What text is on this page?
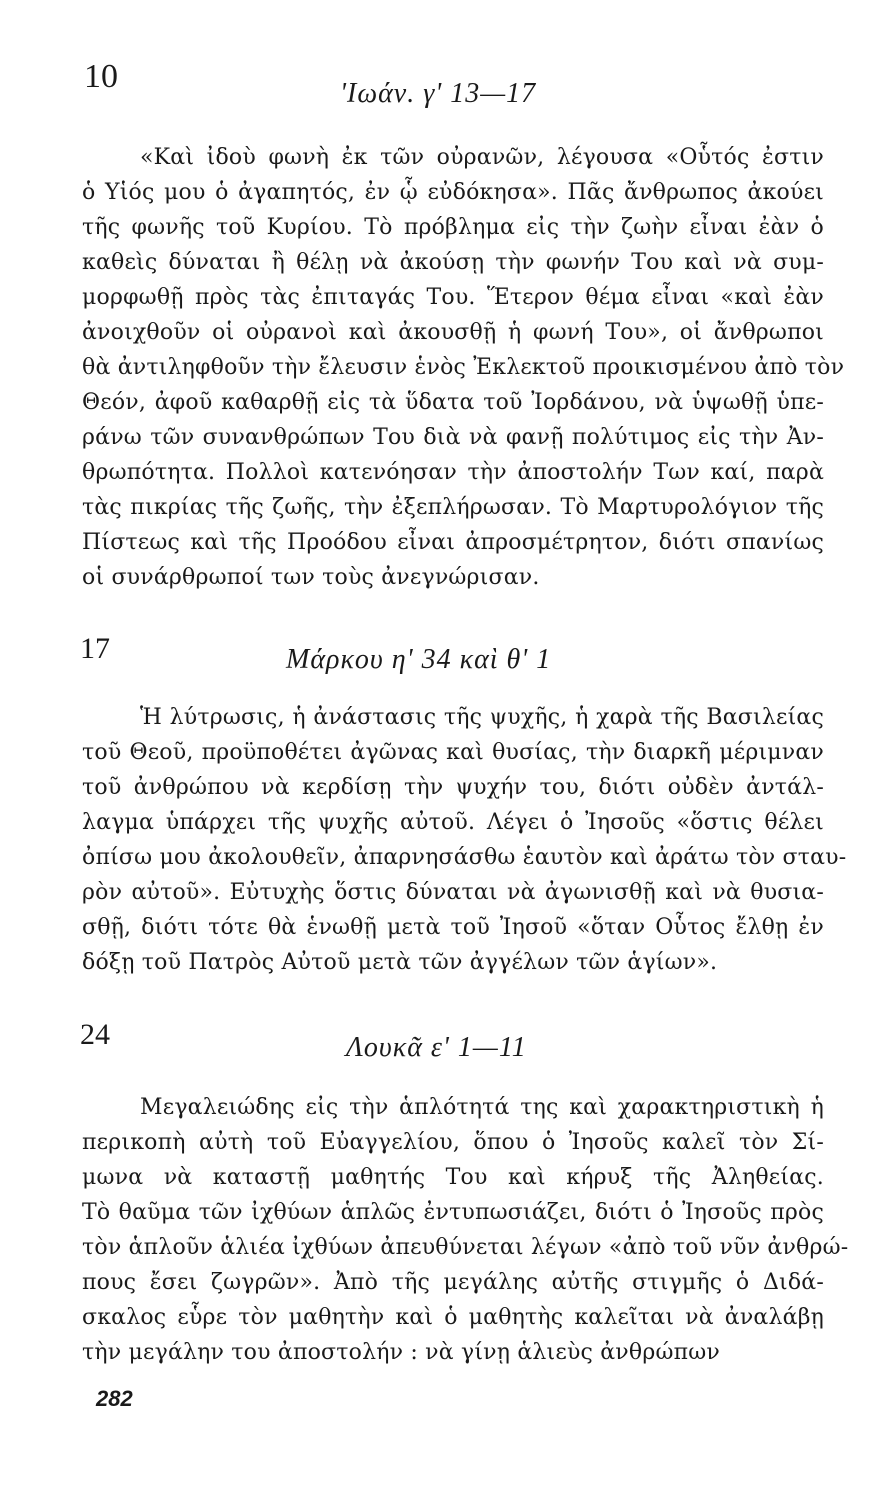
10	'Ιωάν. γ' 13—17
«Καὶ ἰδοὺ φωνὴ ἐκ τῶν οὐρανῶν, λέγουσα «Οὗτός ἐστιν
ὁ Υἱός μου ὁ ἀγαπητός, ἐν ᾧ εὐδόκησα». Πᾶς ἄνθρωπος ἀκούει
τῆς φωνῆς τοῦ Κυρίου. Τὸ πρόβλημα εἰς τὴν ζωὴν εἶναι ἐὰν ὁ
καθεὶς δύναται ἢ θέλῃ νὰ ἀκούσῃ τὴν φωνήν Του καὶ νὰ συμ-
μορφωθῇ πρὸς τὰς ἐπιταγάς Του. Ἕτερον θέμα εἶναι «καὶ ἐὰν
ἀνοιχθοῦν οἱ οὐρανοὶ καὶ ἀκουσθῇ ἡ φωνή Του», οἱ ἄνθρωποι
θὰ ἀντιληφθοῦν τὴν ἔλευσιν ἑνὸς Ἐκλεκτοῦ προικισμένου ἀπὸ τὸν
Θεόν, ἀφοῦ καθαρθῇ εἰς τὰ ὕδατα τοῦ Ἰορδάνου, νὰ ὑψωθῇ ὑπε-
ράνω τῶν συνανθρώπων Του διὰ νὰ φανῇ πολύτιμος εἰς τὴν Ἀν-
θρωπότητα. Πολλοὶ κατενόησαν τὴν ἀποστολήν Των καί, παρὰ
τὰς πικρίας τῆς ζωῆς, τὴν ἐξεπλήρωσαν. Τὸ Μαρτυρολόγιον τῆς
Πίστεως καὶ τῆς Προόδου εἶναι ἀπροσμέτρητον, διότι σπανίως
οἱ συνάρθρωποί των τοὺς ἀνεγνώρισαν.
17	Μάρκου η' 34 καὶ θ' 1
Ἡ λύτρωσις, ἡ ἀνάστασις τῆς ψυχῆς, ἡ χαρὰ τῆς Βασιλείας
τοῦ Θεοῦ, προϋποθέτει ἀγῶνας καὶ θυσίας, τὴν διαρκῆ μέριμναν
τοῦ ἀνθρώπου νὰ κερδίσῃ τὴν ψυχήν του, διότι οὐδὲν ἀντάλ-
λαγμα ὑπάρχει τῆς ψυχῆς αὐτοῦ. Λέγει ὁ Ἰησοῦς «ὅστις θέλει
ὀπίσω μου ἀκολουθεῖν, ἀπαρνησάσθω ἑαυτὸν καὶ ἀράτω τὸν σταυ-
ρὸν αὐτοῦ». Εὐτυχὴς ὅστις δύναται νὰ ἀγωνισθῇ καὶ νὰ θυσια-
σθῇ, διότι τότε θὰ ἑνωθῇ μετὰ τοῦ Ἰησοῦ «ὅταν Οὗτος ἔλθῃ ἐν
δόξῃ τοῦ Πατρὸς Αὐτοῦ μετὰ τῶν ἀγγέλων τῶν ἁγίων».
24	Λουκᾶ ε' 1—11
Μεγαλειώδης εἰς τὴν ἁπλότητά της καὶ χαρακτηριστικὴ ἡ
περικοπὴ αὐτὴ τοῦ Εὐαγγελίου, ὅπου ὁ Ἰησοῦς καλεῖ τὸν Σί-
μωνα νὰ καταστῇ μαθητής Του καὶ κήρυξ τῆς Ἀληθείας.
Τὸ θαῦμα τῶν ἰχθύων ἁπλῶς ἐντυπωσιάζει, διότι ὁ Ἰησοῦς πρὸς
τὸν ἁπλοῦν ἁλιέα ἰχθύων ἀπευθύνεται λέγων «ἀπὸ τοῦ νῦν ἀνθρώ-
πους ἔσει ζωγρῶν». Ἀπὸ τῆς μεγάλης αὐτῆς στιγμῆς ὁ Διδά-
σκαλος εὗρε τὸν μαθητὴν καὶ ὁ μαθητὴς καλεῖται νὰ ἀναλάβῃ
τὴν μεγάλην του ἀποστολήν : νὰ γίνῃ ἁλιεὺς ἀνθρώπων
282
